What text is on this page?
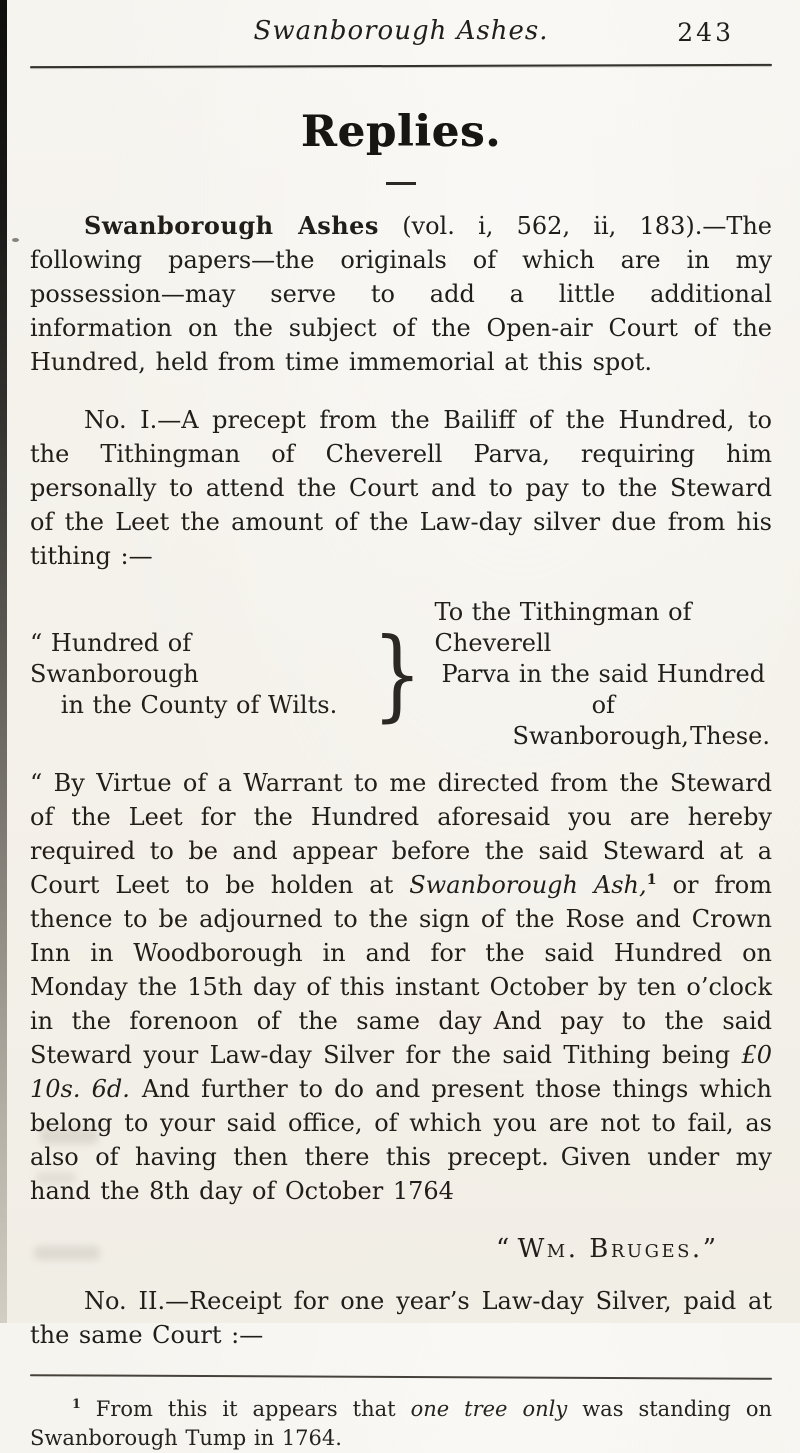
Swanborough Ashes.	243
Replies.

Swanborough Ashes (vol. i, 562, ii, 183).—The following papers—the originals of which are in my possession—may serve to add a little additional information on the subject of the Open-air Court of the Hundred, held from time immemorial at this spot.

No. I.—A precept from the Bailiff of the Hundred, to the Tithingman of Cheverell Parva, requiring him personally to attend the Court and to pay to the Steward of the Leet the amount of the Law-day silver due from his tithing :—

“ Hundred of Swanborough
in the County of Wilts. }
To the Tithingman of Cheverell
Parva in the said Hundred of
Swanborough, These.

“ By Virtue of a Warrant to me directed from the Steward of the Leet for the Hundred aforesaid you are hereby required to be and appear before the said Steward at a Court Leet to be holden at Swanborough Ash,$^1$ or from thence to be adjourned to the sign of the Rose and Crown Inn in Woodborough in and for the said Hundred on Monday the 15th day of this instant October by ten o’clock in the forenoon of the same day And pay to the said Steward your Law-day Silver for the said Tithing being £0 10s. 6d. And further to do and present those things which belong to your said office, of which you are not to fail, as also of having then there this precept. Given under my hand the 8th day of October 1764

“ Wm. Bruges.”

No. II.—Receipt for one year’s Law-day Silver, paid at the same Court :—

$^1$ From this it appears that one tree only was standing on Swanborough Tump in 1764.
